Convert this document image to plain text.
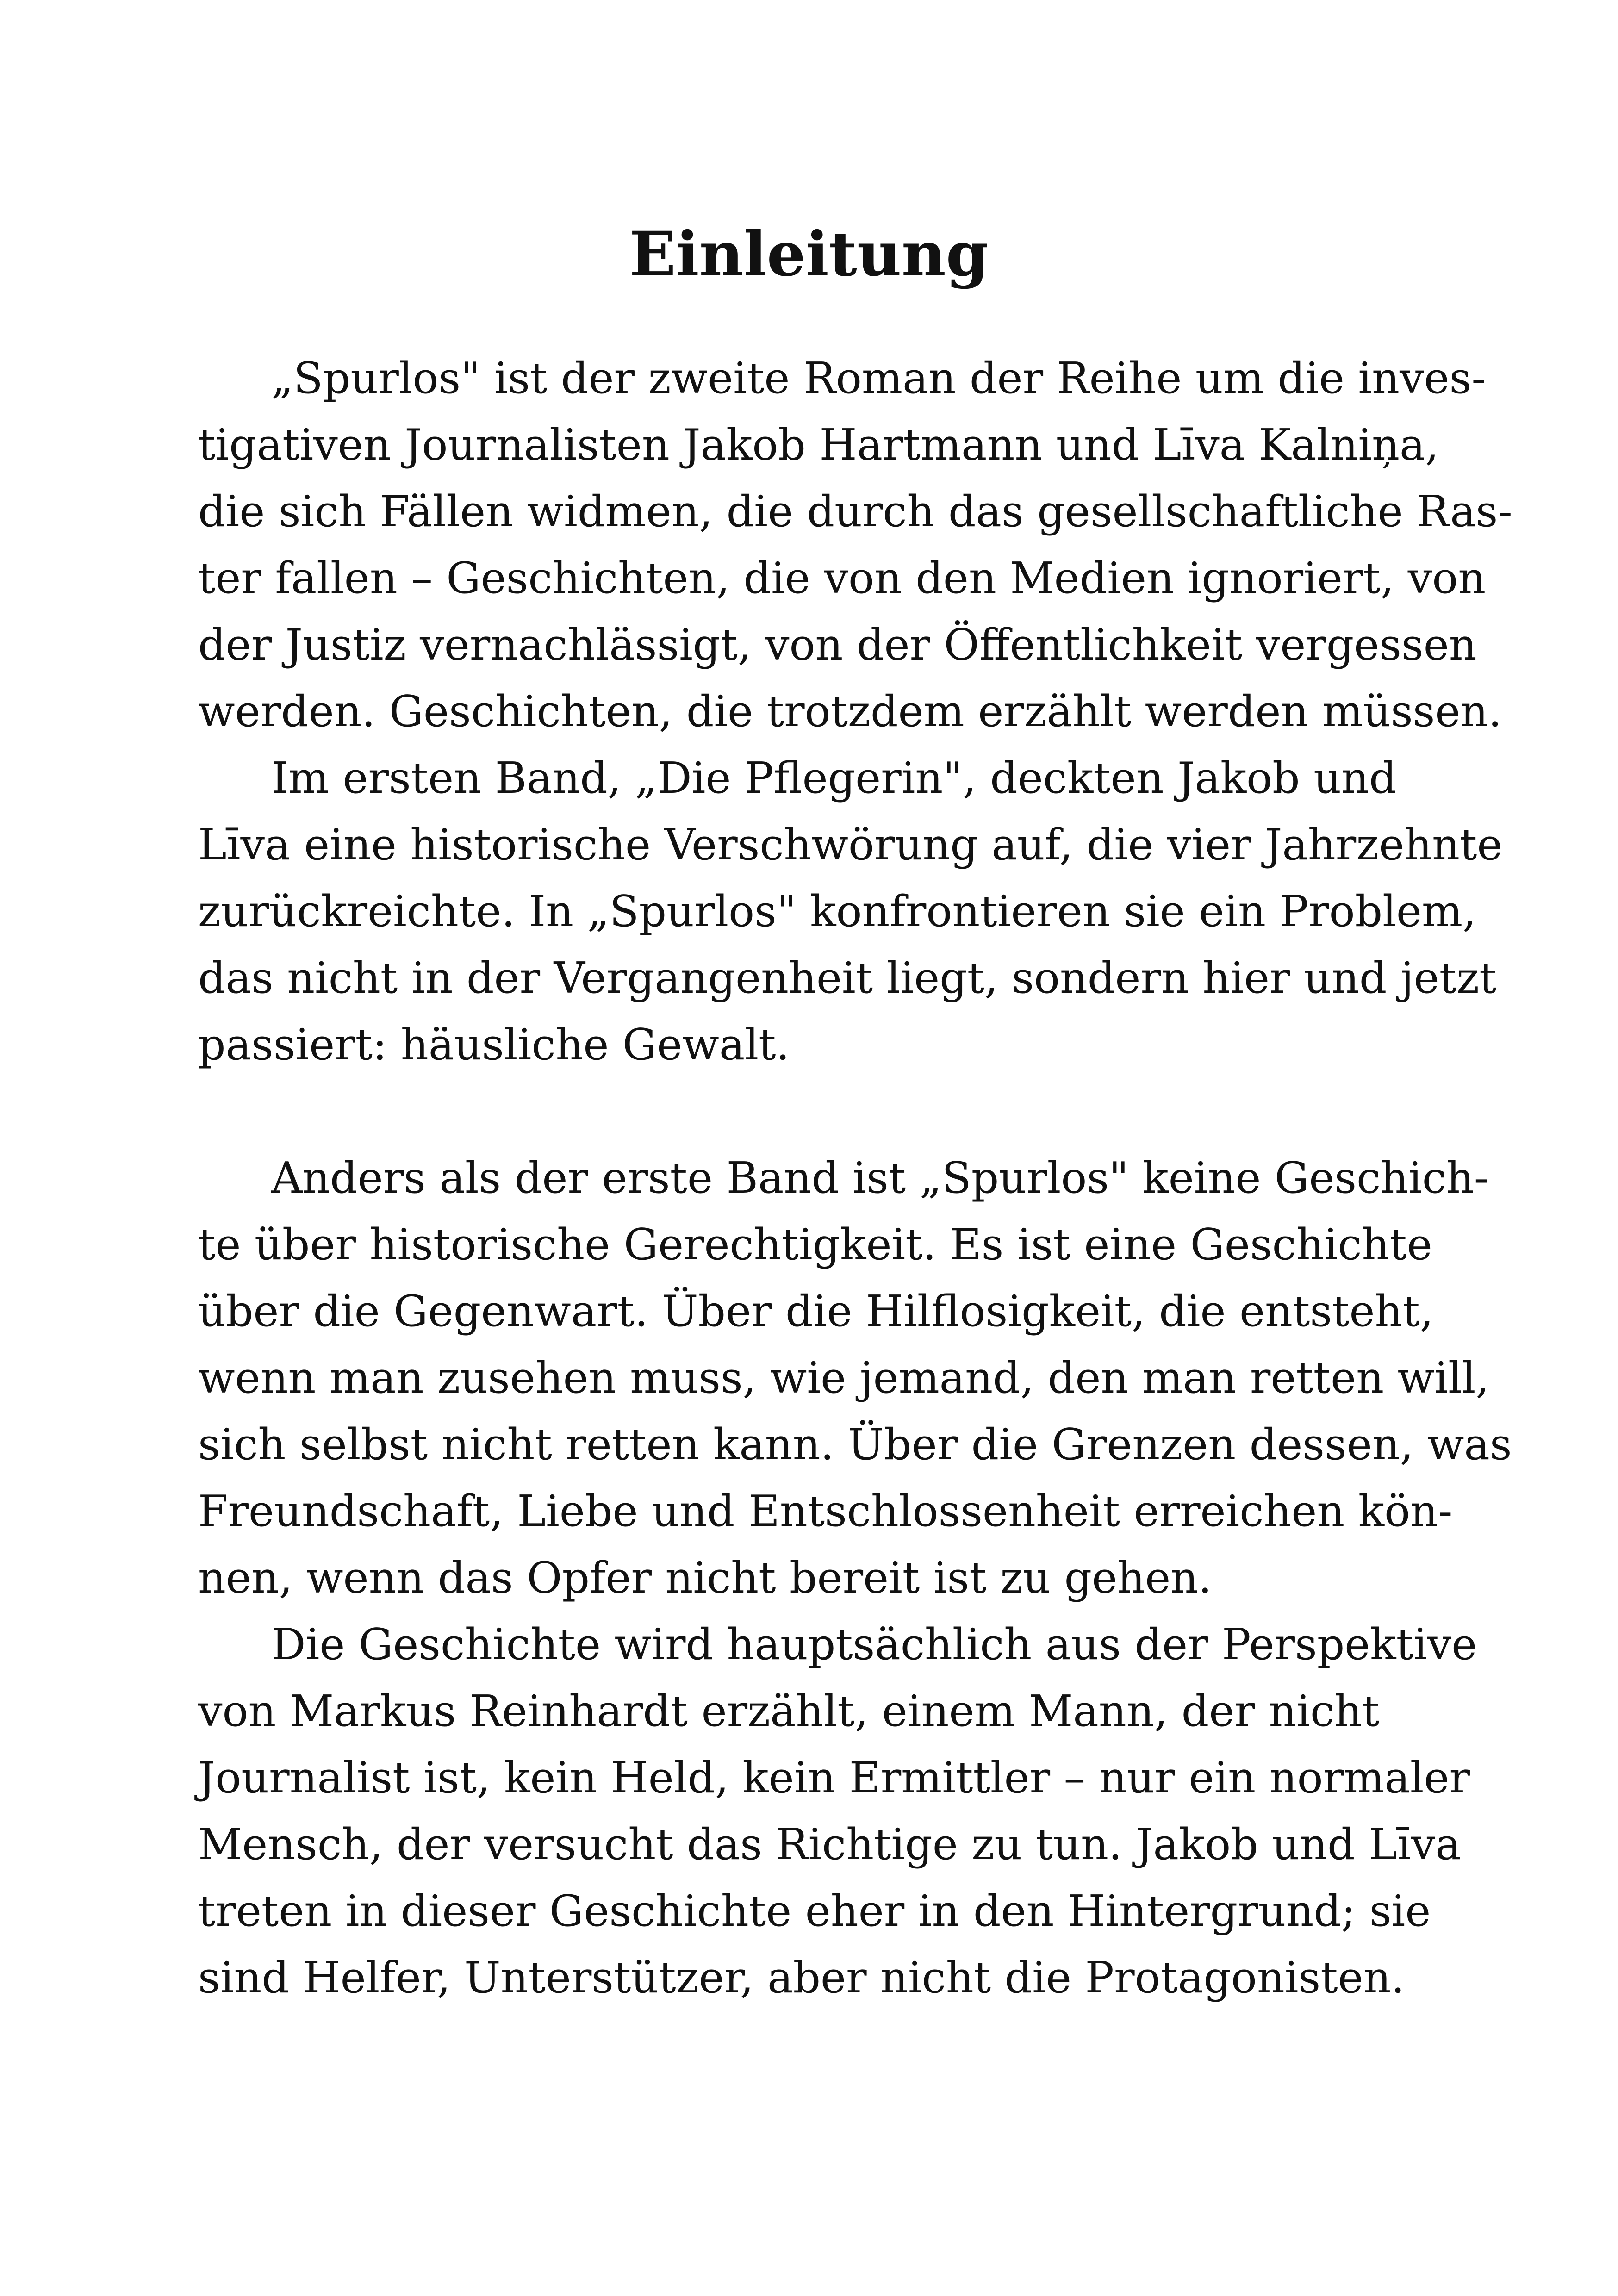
Einleitung
„Spurlos" ist der zweite Roman der Reihe um die inves-
tigativen Journalisten Jakob Hartmann und Līva Kalniņa,
die sich Fällen widmen, die durch das gesellschaftliche Ras-
ter fallen – Geschichten, die von den Medien ignoriert, von
der Justiz vernachlässigt, von der Öffentlichkeit vergessen
werden. Geschichten, die trotzdem erzählt werden müssen.
Im ersten Band, „Die Pflegerin", deckten Jakob und
Līva eine historische Verschwörung auf, die vier Jahrzehnte
zurückreichte. In „Spurlos" konfrontieren sie ein Problem,
das nicht in der Vergangenheit liegt, sondern hier und jetzt
passiert: häusliche Gewalt.
Anders als der erste Band ist „Spurlos" keine Geschich-
te über historische Gerechtigkeit. Es ist eine Geschichte
über die Gegenwart. Über die Hilflosigkeit, die entsteht,
wenn man zusehen muss, wie jemand, den man retten will,
sich selbst nicht retten kann. Über die Grenzen dessen, was
Freundschaft, Liebe und Entschlossenheit erreichen kön-
nen, wenn das Opfer nicht bereit ist zu gehen.
Die Geschichte wird hauptsächlich aus der Perspektive
von Markus Reinhardt erzählt, einem Mann, der nicht
Journalist ist, kein Held, kein Ermittler – nur ein normaler
Mensch, der versucht das Richtige zu tun. Jakob und Līva
treten in dieser Geschichte eher in den Hintergrund; sie
sind Helfer, Unterstützer, aber nicht die Protagonisten.
